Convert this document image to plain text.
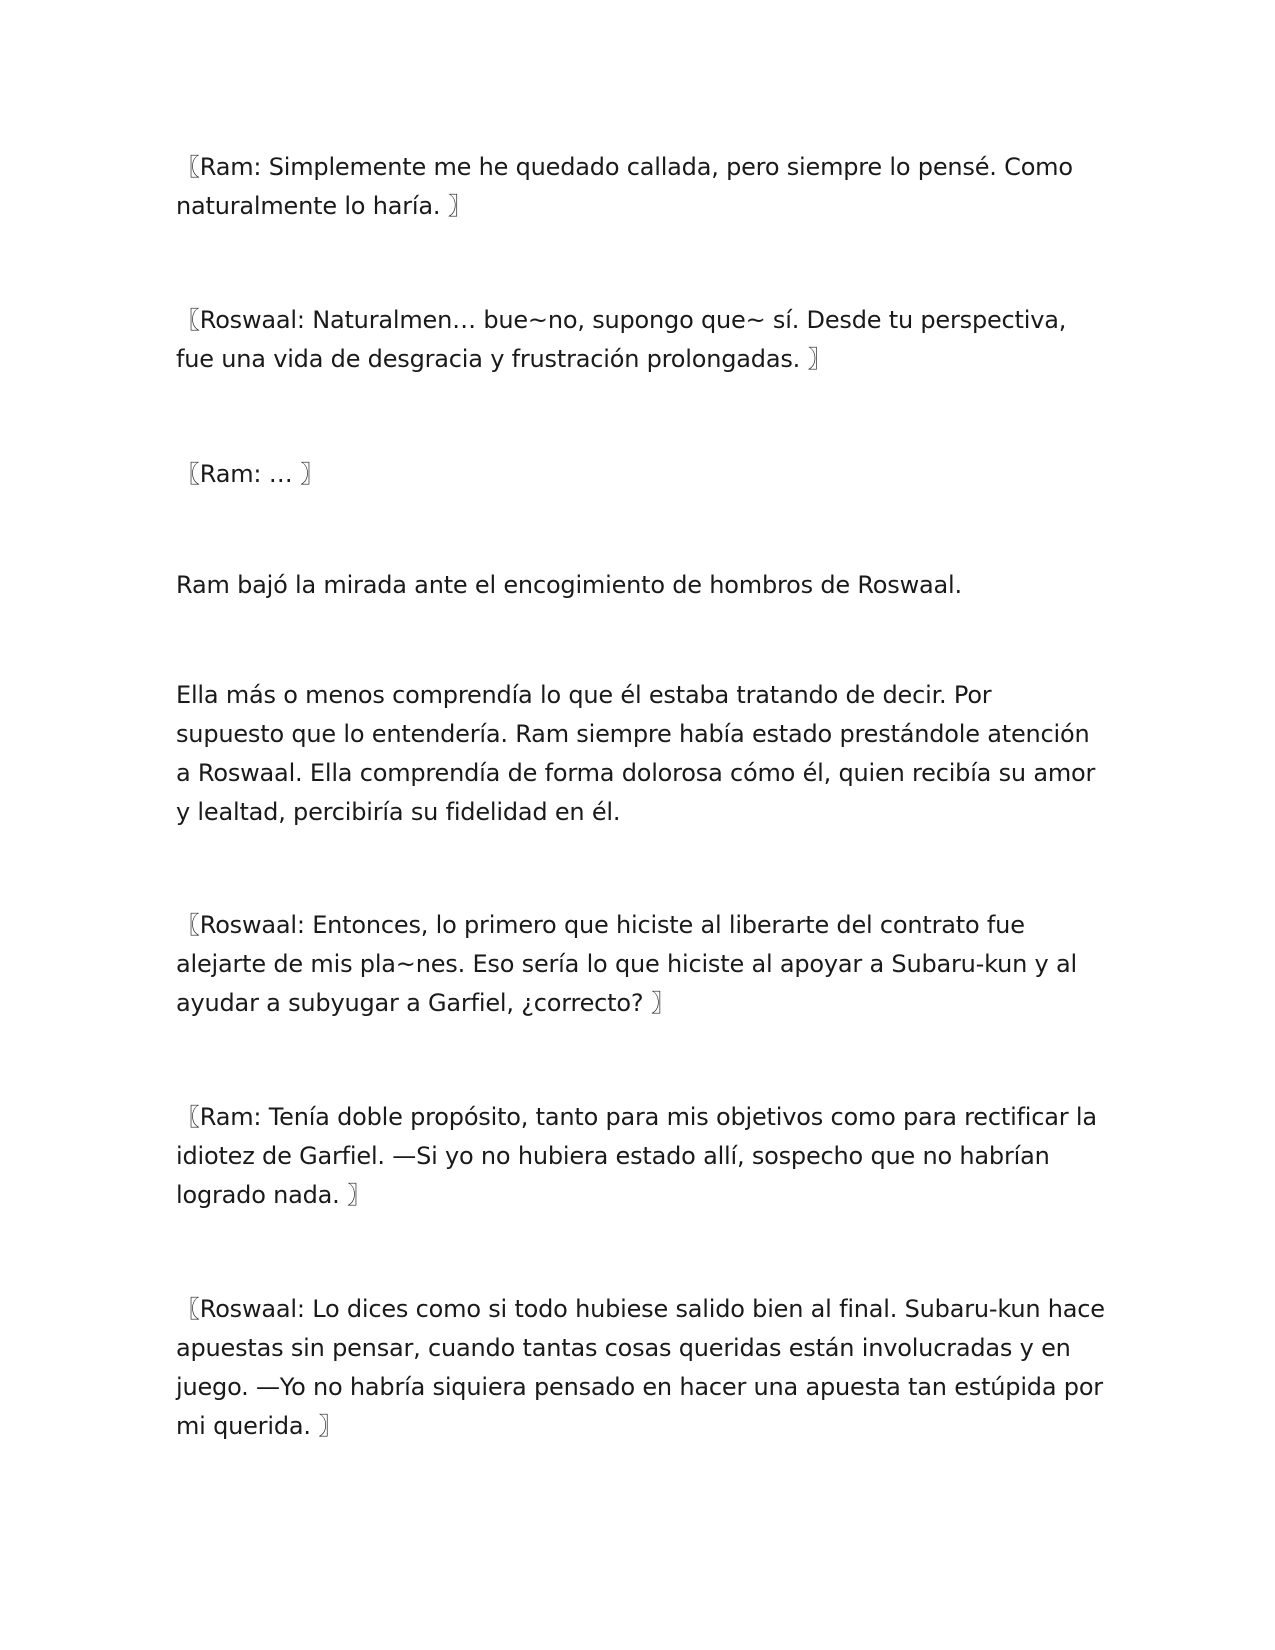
〖Ram: Simplemente me he quedado callada, pero siempre lo pensé. Como naturalmente lo haría. 〗

〖Roswaal: Naturalmen… bue~no, supongo que~ sí. Desde tu perspectiva, fue una vida de desgracia y frustración prolongadas. 〗

〖Ram: … 〗

Ram bajó la mirada ante el encogimiento de hombros de Roswaal.

Ella más o menos comprendía lo que él estaba tratando de decir. Por supuesto que lo entendería. Ram siempre había estado prestándole atención a Roswaal. Ella comprendía de forma dolorosa cómo él, quien recibía su amor y lealtad, percibiría su fidelidad en él.

〖Roswaal: Entonces, lo primero que hiciste al liberarte del contrato fue alejarte de mis pla~nes. Eso sería lo que hiciste al apoyar a Subaru-kun y al ayudar a subyugar a Garfiel, ¿correcto? 〗

〖Ram: Tenía doble propósito, tanto para mis objetivos como para rectificar la idiotez de Garfiel. —Si yo no hubiera estado allí, sospecho que no habrían logrado nada. 〗

〖Roswaal: Lo dices como si todo hubiese salido bien al final. Subaru-kun hace apuestas sin pensar, cuando tantas cosas queridas están involucradas y en juego. —Yo no habría siquiera pensado en hacer una apuesta tan estúpida por mi querida. 〗
